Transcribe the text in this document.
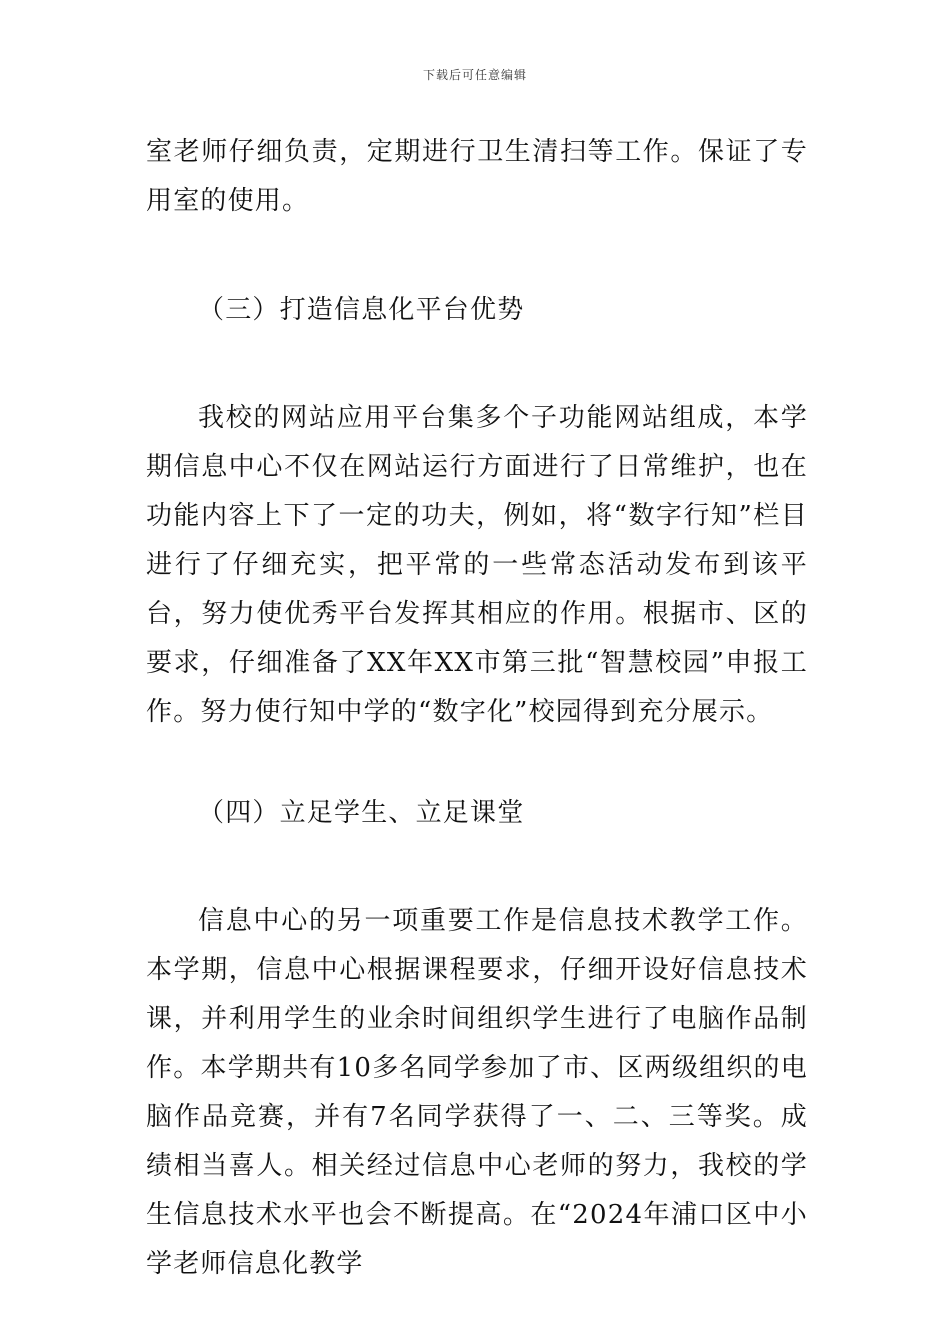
下载后可任意编辑

室老师仔细负责，定期进行卫生清扫等工作。保证了专用室的使用。

（三）打造信息化平台优势

我校的网站应用平台集多个子功能网站组成，本学期信息中心不仅在网站运行方面进行了日常维护，也在功能内容上下了一定的功夫，例如，将“数字行知”栏目进行了仔细充实，把平常的一些常态活动发布到该平台，努力使优秀平台发挥其相应的作用。根据市、区的要求，仔细准备了XX年XX市第三批“智慧校园”申报工作。努力使行知中学的“数字化”校园得到充分展示。

（四）立足学生、立足课堂

信息中心的另一项重要工作是信息技术教学工作。本学期，信息中心根据课程要求，仔细开设好信息技术课，并利用学生的业余时间组织学生进行了电脑作品制作。本学期共有10多名同学参加了市、区两级组织的电脑作品竞赛，并有7名同学获得了一、二、三等奖。成绩相当喜人。相关经过信息中心老师的努力，我校的学生信息技术水平也会不断提高。在“2024年浦口区中小学老师信息化教学
